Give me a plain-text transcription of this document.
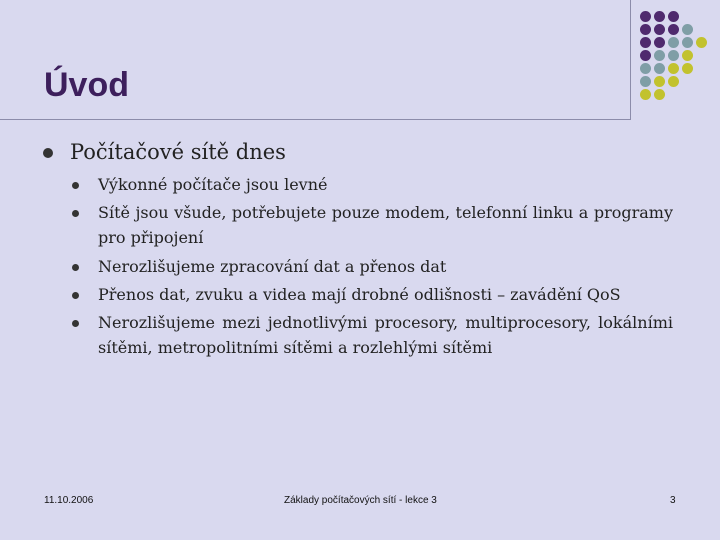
Úvod
Počítačové sítě dnes
Výkonné počítače jsou levné
Sítě jsou všude, potřebujete pouze modem, telefonní linku a programy pro připojení
Nerozlišujeme zpracování dat a přenos dat
Přenos dat, zvuku a videa mají drobné odlišnosti – zavádění QoS
Nerozlišujeme mezi jednotlivými procesory, multiprocesory, lokálními sítěmi, metropolitními sítěmi a rozlehlými sítěmi
11.10.2006	Základy počítačových sítí - lekce 3	3
